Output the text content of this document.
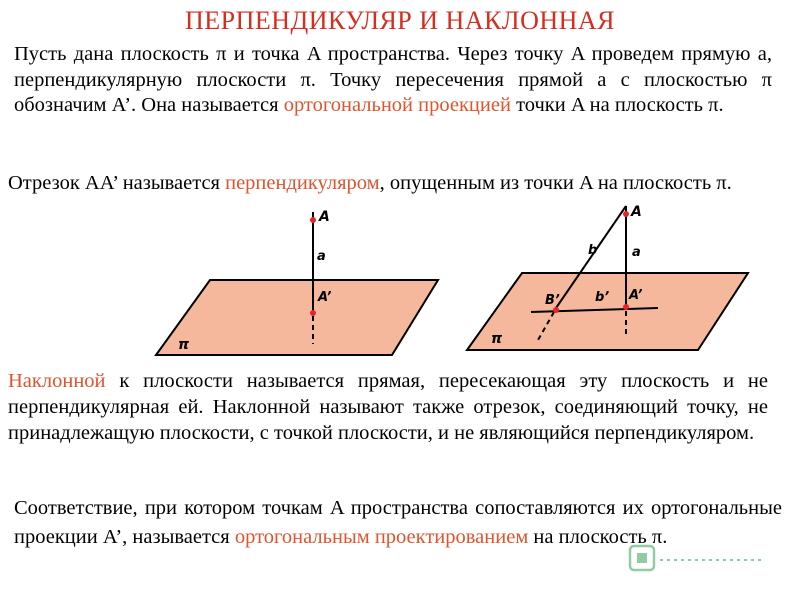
ПЕРПЕНДИКУЛЯР И НАКЛОННАЯ
Пусть дана плоскость π и точка A пространства. Через точку A проведем прямую a, перпендикулярную плоскости π. Точку пересечения прямой a с плоскостью π обозначим A’. Она называется ортогональной проекцией точки A на плоскость π.
Отрезок AA’ называется перпендикуляром, опущенным из точки A на плоскость π.
A
a
A’
π
A
a
b
b’
B’	A’
π
Наклонной к плоскости называется прямая, пересекающая эту плоскость и не перпендикулярная ей. Наклонной называют также отрезок, соединяющий точку, не принадлежащую плоскости, с точкой плоскости, и не являющийся перпендикуляром.
Соответствие, при котором точкам A пространства сопоставляются их ортогональные проекции A’, называется ортогональным проектированием на плоскость π.
